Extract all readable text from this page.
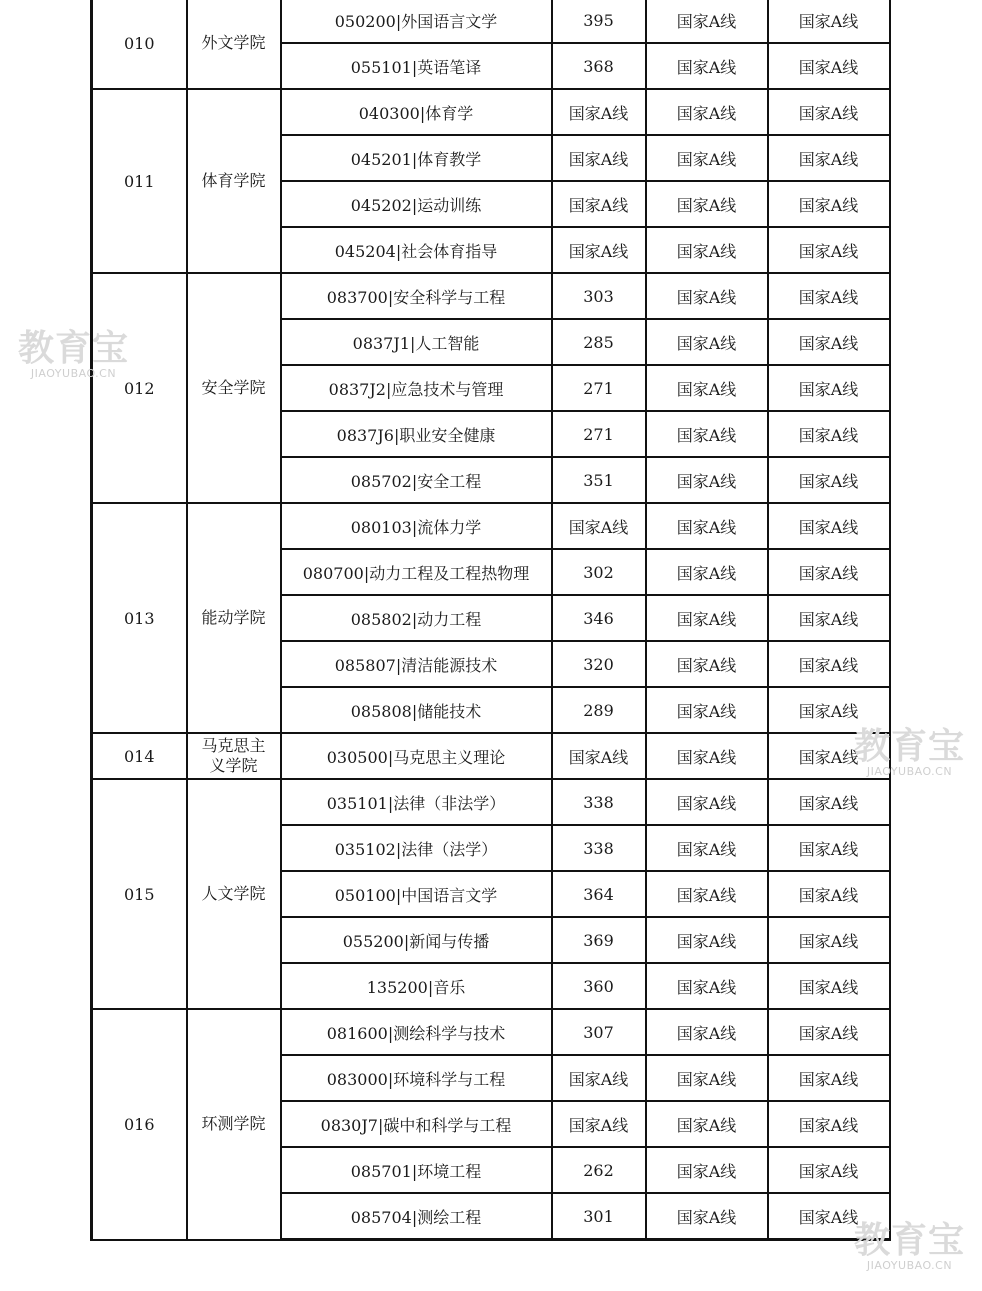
010	外文学院	050200|外国语言文学	395	国家A线	国家A线
		055101|英语笔译	368	国家A线	国家A线
011	体育学院	040300|体育学	国家A线	国家A线	国家A线
		045201|体育教学	国家A线	国家A线	国家A线
		045202|运动训练	国家A线	国家A线	国家A线
		045204|社会体育指导	国家A线	国家A线	国家A线
012	安全学院	083700|安全科学与工程	303	国家A线	国家A线
		0837J1|人工智能	285	国家A线	国家A线
		0837J2|应急技术与管理	271	国家A线	国家A线
		0837J6|职业安全健康	271	国家A线	国家A线
		085702|安全工程	351	国家A线	国家A线
013	能动学院	080103|流体力学	国家A线	国家A线	国家A线
		080700|动力工程及工程热物理	302	国家A线	国家A线
		085802|动力工程	346	国家A线	国家A线
		085807|清洁能源技术	320	国家A线	国家A线
		085808|储能技术	289	国家A线	国家A线
014	马克思主义学院	030500|马克思主义理论	国家A线	国家A线	国家A线
015	人文学院	035101|法律（非法学）	338	国家A线	国家A线
		035102|法律（法学）	338	国家A线	国家A线
		050100|中国语言文学	364	国家A线	国家A线
		055200|新闻与传播	369	国家A线	国家A线
		135200|音乐	360	国家A线	国家A线
016	环测学院	081600|测绘科学与技术	307	国家A线	国家A线
		083000|环境科学与工程	国家A线	国家A线	国家A线
		0830J7|碳中和科学与工程	国家A线	国家A线	国家A线
		085701|环境工程	262	国家A线	国家A线
		085704|测绘工程	301	国家A线	国家A线
教育宝
JIAOYUBAO.CN
教育宝
JIAOYUBAO.CN
教育宝
JIAOYUBAO.CN
